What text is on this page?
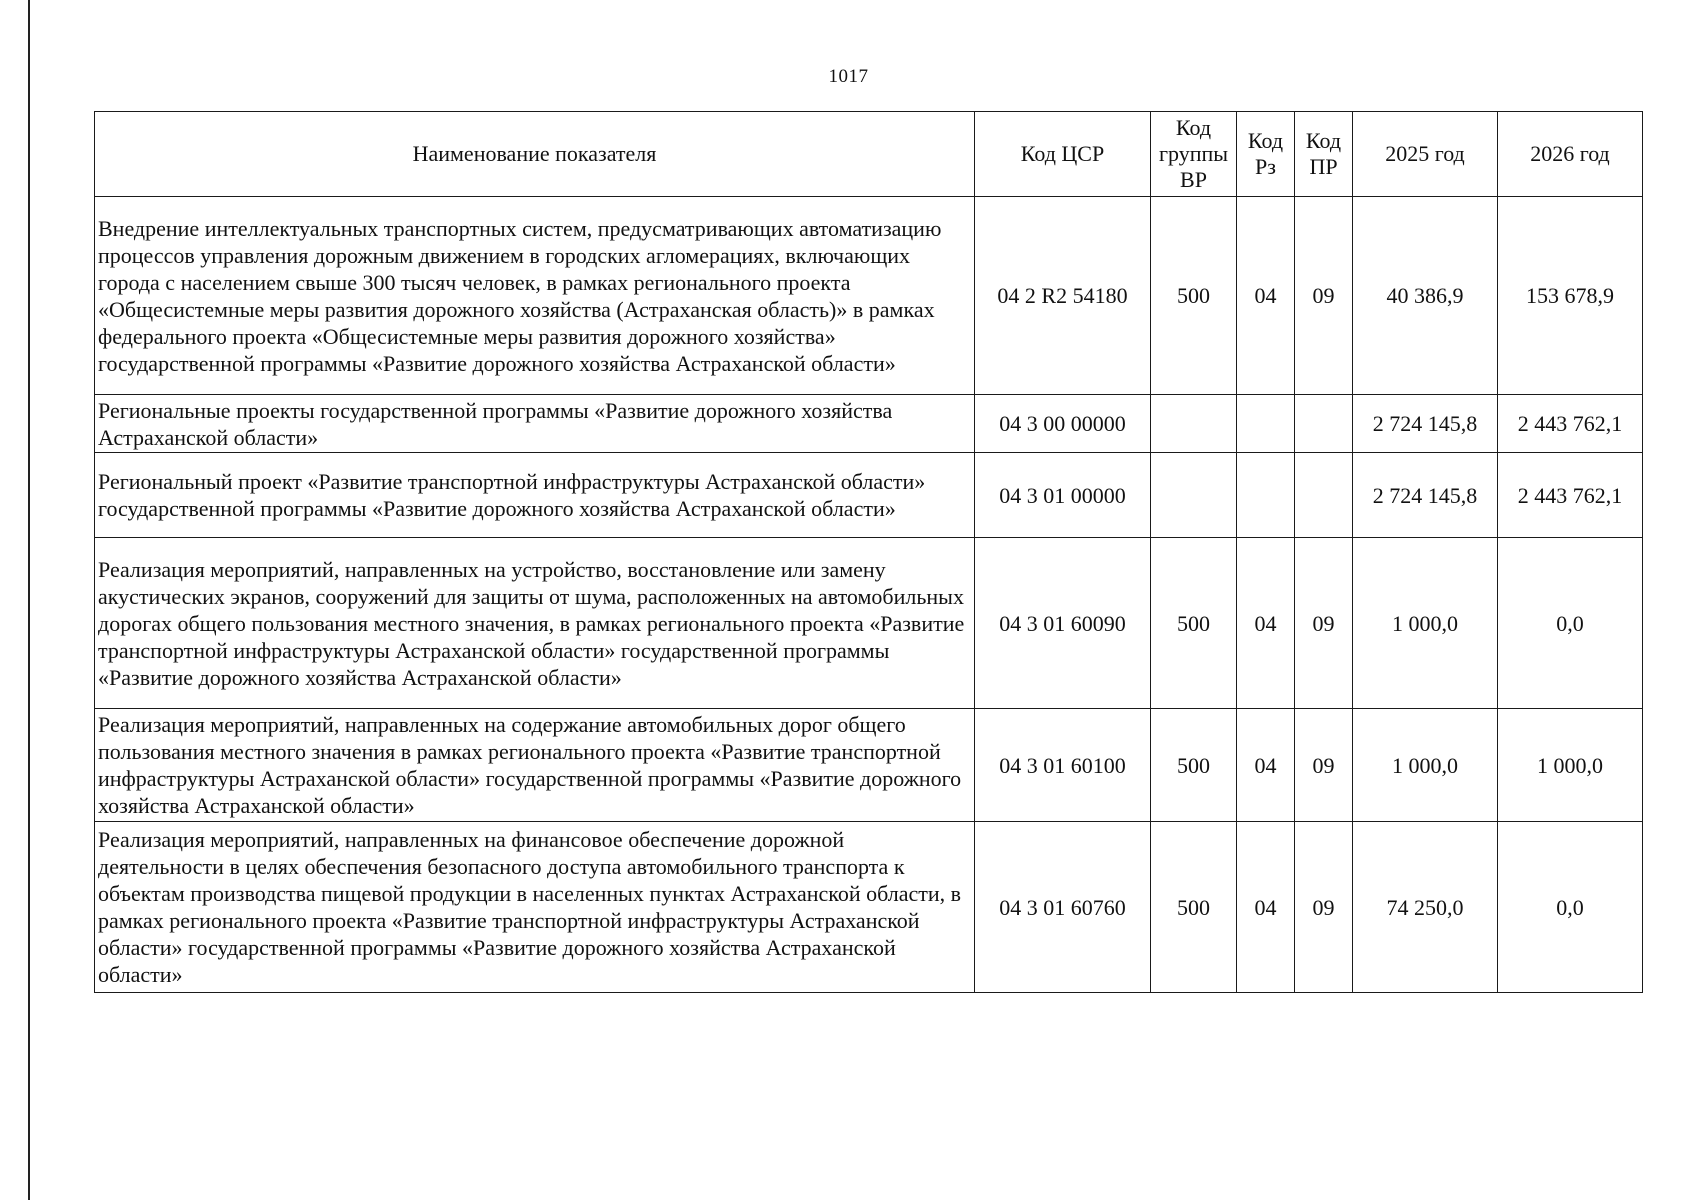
1017
Наименование показателя	Код ЦСР	Код группы ВР	Код Рз	Код ПР	2025 год	2026 год
Внедрение интеллектуальных транспортных систем, предусматривающих автоматизацию процессов управления дорожным движением в городских агломерациях, включающих города с населением свыше 300 тысяч человек, в рамках регионального проекта «Общесистемные меры развития дорожного хозяйства (Астраханская область)» в рамках федерального проекта «Общесистемные меры развития дорожного хозяйства» государственной программы «Развитие дорожного хозяйства Астраханской области»	04 2 R2 54180	500	04	09	40 386,9	153 678,9
Региональные проекты государственной программы «Развитие дорожного хозяйства Астраханской области»	04 3 00 00000				2 724 145,8	2 443 762,1
Региональный проект «Развитие транспортной инфраструктуры Астраханской области» государственной программы «Развитие дорожного хозяйства Астраханской области»	04 3 01 00000				2 724 145,8	2 443 762,1
Реализация мероприятий, направленных на устройство, восстановление или замену акустических экранов, сооружений для защиты от шума, расположенных на автомобильных дорогах общего пользования местного значения, в рамках регионального проекта «Развитие транспортной инфраструктуры Астраханской области» государственной программы «Развитие дорожного хозяйства Астраханской области»	04 3 01 60090	500	04	09	1 000,0	0,0
Реализация мероприятий, направленных на содержание автомобильных дорог общего пользования местного значения в рамках регионального проекта «Развитие транспортной инфраструктуры Астраханской области» государственной программы «Развитие дорожного хозяйства Астраханской области»	04 3 01 60100	500	04	09	1 000,0	1 000,0
Реализация мероприятий, направленных на финансовое обеспечение дорожной деятельности в целях обеспечения безопасного доступа автомобильного транспорта к объектам производства пищевой продукции в населенных пунктах Астраханской области, в рамках регионального проекта «Развитие транспортной инфраструктуры Астраханской области» государственной программы «Развитие дорожного хозяйства Астраханской области»	04 3 01 60760	500	04	09	74 250,0	0,0
